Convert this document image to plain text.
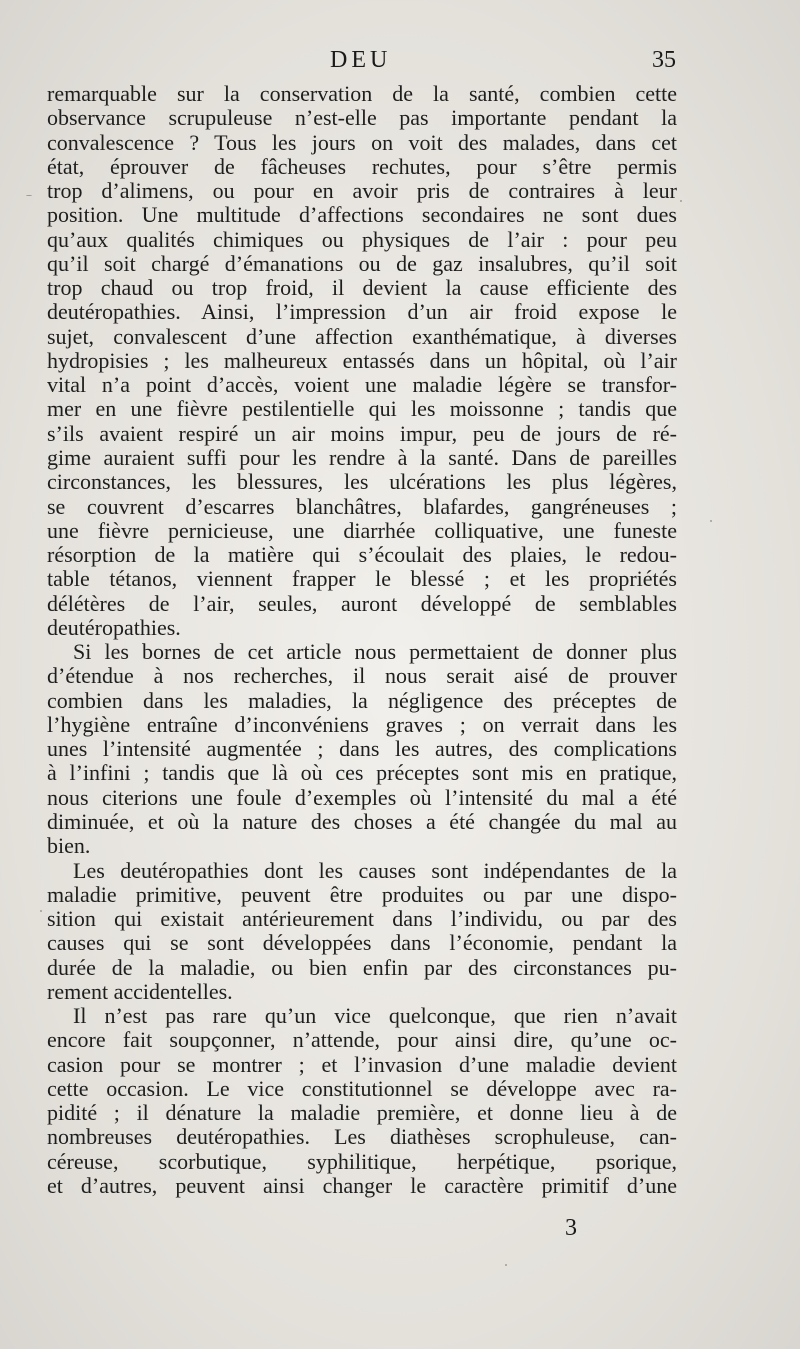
DEU	35
remarquable sur la conservation de la santé, combien cette
observance scrupuleuse n’est-elle pas importante pendant la
convalescence ? Tous les jours on voit des malades, dans cet
état, éprouver de fâcheuses rechutes, pour s’être permis
trop d’alimens, ou pour en avoir pris de contraires à leur
position. Une multitude d’affections secondaires ne sont dues
qu’aux qualités chimiques ou physiques de l’air : pour peu
qu’il soit chargé d’émanations ou de gaz insalubres, qu’il soit
trop chaud ou trop froid, il devient la cause efficiente des
deutéropathies. Ainsi, l’impression d’un air froid expose le
sujet, convalescent d’une affection exanthématique, à diverses
hydropisies ; les malheureux entassés dans un hôpital, où l’air
vital n’a point d’accès, voient une maladie légère se transfor-
mer en une fièvre pestilentielle qui les moissonne ; tandis que
s’ils avaient respiré un air moins impur, peu de jours de ré-
gime auraient suffi pour les rendre à la santé. Dans de pareilles
circonstances, les blessures, les ulcérations les plus légères,
se couvrent d’escarres blanchâtres, blafardes, gangréneuses ;
une fièvre pernicieuse, une diarrhée colliquative, une funeste
résorption de la matière qui s’écoulait des plaies, le redou-
table tétanos, viennent frapper le blessé ; et les propriétés
délétères de l’air, seules, auront développé de semblables
deutéropathies.
Si les bornes de cet article nous permettaient de donner plus
d’étendue à nos recherches, il nous serait aisé de prouver
combien dans les maladies, la négligence des préceptes de
l’hygiène entraîne d’inconvéniens graves ; on verrait dans les
unes l’intensité augmentée ; dans les autres, des complications
à l’infini ; tandis que là où ces préceptes sont mis en pratique,
nous citerions une foule d’exemples où l’intensité du mal a été
diminuée, et où la nature des choses a été changée du mal au
bien.
Les deutéropathies dont les causes sont indépendantes de la
maladie primitive, peuvent être produites ou par une dispo-
sition qui existait antérieurement dans l’individu, ou par des
causes qui se sont développées dans l’économie, pendant la
durée de la maladie, ou bien enfin par des circonstances pu-
rement accidentelles.
Il n’est pas rare qu’un vice quelconque, que rien n’avait
encore fait soupçonner, n’attende, pour ainsi dire, qu’une oc-
casion pour se montrer ; et l’invasion d’une maladie devient
cette occasion. Le vice constitutionnel se développe avec ra-
pidité ; il dénature la maladie première, et donne lieu à de
nombreuses deutéropathies. Les diathèses scrophuleuse, can-
céreuse, scorbutique, syphilitique, herpétique, psorique,
et d’autres, peuvent ainsi changer le caractère primitif d’une
3
